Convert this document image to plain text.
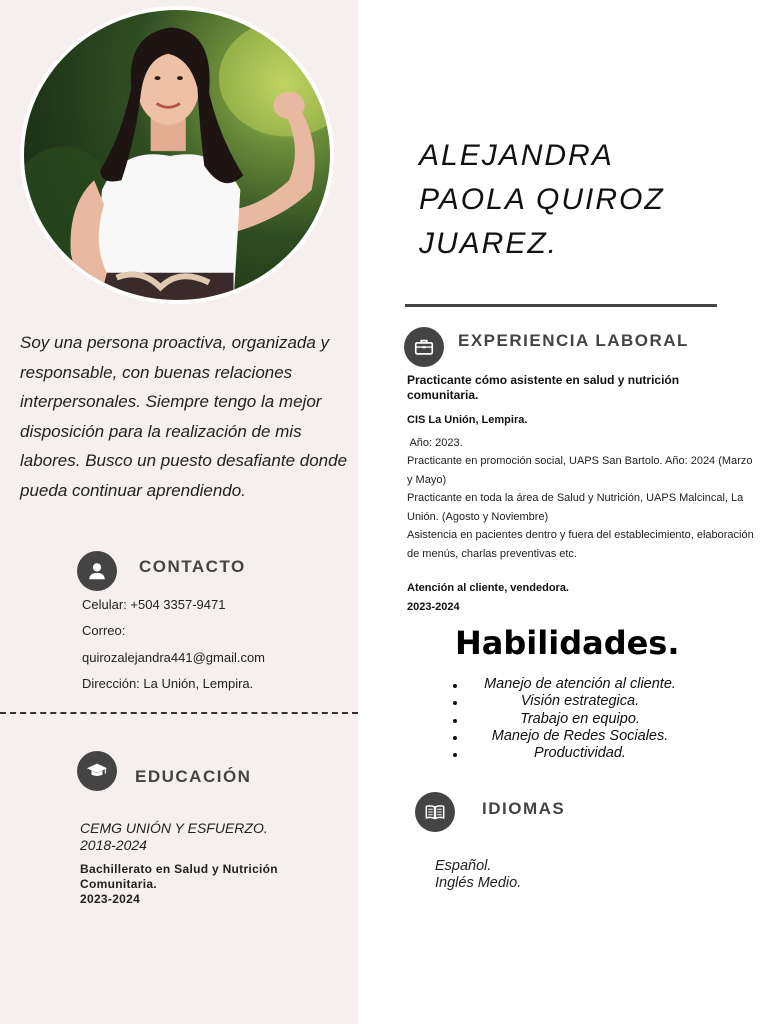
Soy una persona proactiva, organizada y responsable, con buenas relaciones interpersonales. Siempre tengo la mejor disposición para la realización de mis labores. Busco un puesto desafiante donde pueda continuar aprendiendo.

CONTACTO
Celular: +504 3357-9471
Correo:
quirozalejandra441@gmail.com
Dirección: La Unión, Lempira.
EDUCACIÓN
CEMG UNIÓN Y ESFUERZO.
2018-2024
Bachillerato en Salud y Nutrición
Comunitaria.
2023-2024
ALEJANDRA
PAOLA QUIROZ
JUAREZ.
EXPERIENCIA LABORAL
Practicante cómo asistente en salud y nutrición
comunitaria.
CIS La Unión, Lempira.
Año: 2023.
Practicante en promoción social, UAPS San Bartolo. Año: 2024 (Marzo y Mayo)
Practicante en toda la área de Salud y Nutrición, UAPS Malcincal, La Unión. (Agosto y Noviembre)
Asistencia en pacientes dentro y fuera del establecimiento, elaboración de menús, charlas preventivas etc.
Atención al cliente, vendedora.
2023-2024
Habilidades.
Manejo de atención al cliente.
Visión estrategica.
Trabajo en equipo.
Manejo de Redes Sociales.
Productividad.
IDIOMAS
Español.
Inglés Medio.
